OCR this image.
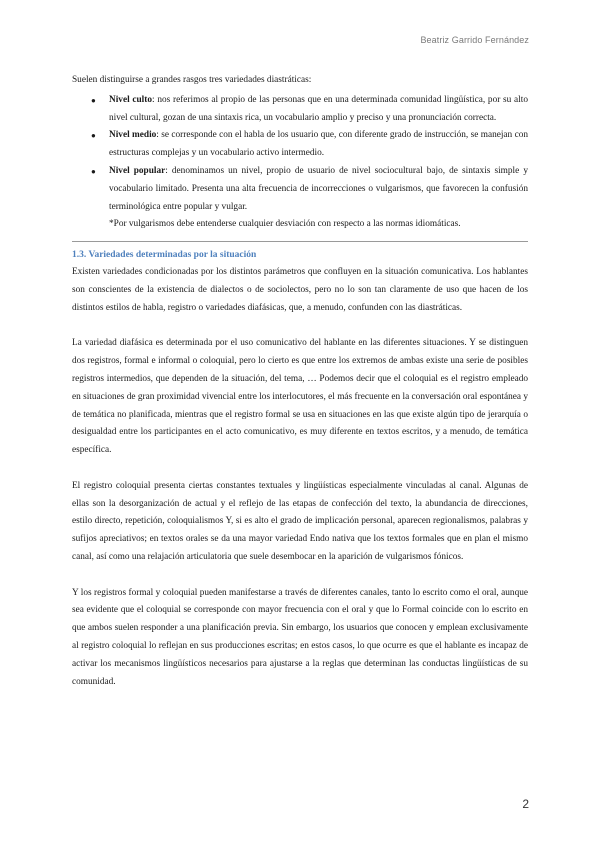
Beatriz Garrido Fernández

Suelen distinguirse a grandes rasgos tres variedades diastráticas:

● Nivel culto: nos referimos al propio de las personas que en una determinada comunidad lingüística, por su alto nivel cultural, gozan de una sintaxis rica, un vocabulario amplio y preciso y una pronunciación correcta.
● Nivel medio: se corresponde con el habla de los usuario que, con diferente grado de instrucción, se manejan con estructuras complejas y un vocabulario activo intermedio.
● Nivel popular: denominamos un nivel, propio de usuario de nivel sociocultural bajo, de sintaxis simple y vocabulario limitado. Presenta una alta frecuencia de incorrecciones o vulgarismos, que favorecen la confusión terminológica entre popular y vulgar.

*Por vulgarismos debe entenderse cualquier desviación con respecto a las normas idiomáticas.

1.3. Variedades determinadas por la situación

Existen variedades condicionadas por los distintos parámetros que confluyen en la situación comunicativa. Los hablantes son conscientes de la existencia de dialectos o de sociolectos, pero no lo son tan claramente de uso que hacen de los distintos estilos de habla, registro o variedades diafásicas, que, a menudo, confunden con las diastráticas.

La variedad diafásica es determinada por el uso comunicativo del hablante en las diferentes situaciones. Y se distinguen dos registros, formal e informal o coloquial, pero lo cierto es que entre los extremos de ambas existe una serie de posibles registros intermedios, que dependen de la situación, del tema, … Podemos decir que el coloquial es el registro empleado en situaciones de gran proximidad vivencial entre los interlocutores, el más frecuente en la conversación oral espontánea y de temática no planificada, mientras que el registro formal se usa en situaciones en las que existe algún tipo de jerarquía o desigualdad entre los participantes en el acto comunicativo, es muy diferente en textos escritos, y a menudo, de temática específica.

El registro coloquial presenta ciertas constantes textuales y lingüísticas especialmente vinculadas al canal. Algunas de ellas son la desorganización de actual y el reflejo de las etapas de confección del texto, la abundancia de direcciones, estilo directo, repetición, coloquialismos Y, si es alto el grado de implicación personal, aparecen regionalismos, palabras y sufijos apreciativos; en textos orales se da una mayor variedad Endo nativa que los textos formales que en plan el mismo canal, así como una relajación articulatoria que suele desembocar en la aparición de vulgarismos fónicos.

Y los registros formal y coloquial pueden manifestarse a través de diferentes canales, tanto lo escrito como el oral, aunque sea evidente que el coloquial se corresponde con mayor frecuencia con el oral y que lo Formal coincide con lo escrito en que ambos suelen responder a una planificación previa. Sin embargo, los usuarios que conocen y emplean exclusivamente al registro coloquial lo reflejan en sus producciones escritas; en estos casos, lo que ocurre es que el hablante es incapaz de activar los mecanismos lingüísticos necesarios para ajustarse a la reglas que determinan las conductas lingüísticas de su comunidad.

2
